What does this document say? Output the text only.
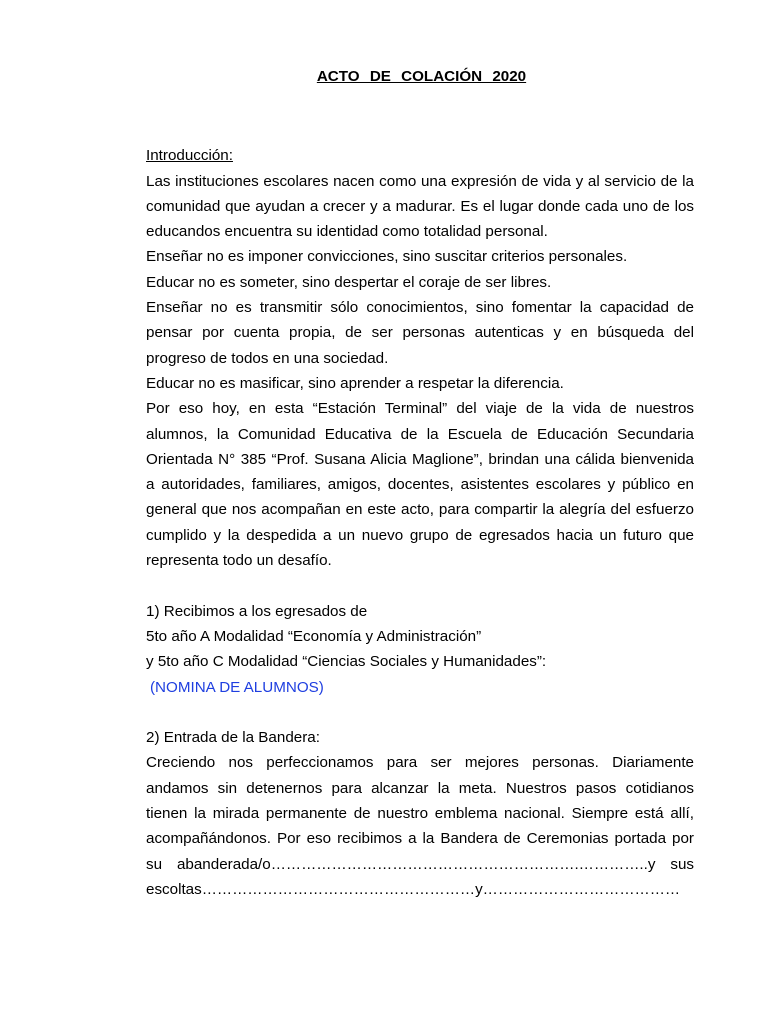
ACTO DE COLACIÓN 2020
Introducción:
Las instituciones escolares nacen como una expresión de vida y al servicio de la comunidad que ayudan a crecer y a madurar. Es el lugar donde cada uno de los educandos encuentra su identidad como totalidad personal.
Enseñar no es imponer convicciones, sino suscitar criterios personales.
Educar no es someter, sino despertar el coraje de ser libres.
Enseñar no es transmitir sólo conocimientos, sino fomentar la capacidad de pensar por cuenta propia, de ser personas autenticas y en búsqueda del progreso de todos en una sociedad.
Educar no es masificar, sino aprender a respetar la diferencia.
Por eso hoy, en esta “Estación Terminal” del viaje de la vida de nuestros alumnos, la Comunidad Educativa de la Escuela de Educación Secundaria Orientada N° 385 “Prof. Susana Alicia Maglione”, brindan una cálida bienvenida a autoridades, familiares, amigos, docentes, asistentes escolares y público en general que nos acompañan en este acto, para compartir la alegría del esfuerzo cumplido y la despedida a un nuevo grupo de egresados hacia un futuro que representa todo un desafío.
1) Recibimos a los egresados de
5to año A Modalidad “Economía y Administración”
y 5to año C Modalidad “Ciencias Sociales y Humanidades”:
(NOMINA DE ALUMNOS)
2) Entrada de la Bandera:
Creciendo nos perfeccionamos para ser mejores personas. Diariamente andamos sin detenernos para alcanzar la meta. Nuestros pasos cotidianos tienen la mirada permanente de nuestro emblema nacional. Siempre está allí, acompañándonos. Por eso recibimos a la Bandera de Ceremonias portada por su abanderada/o…………………………………………………….…………..y sus escoltas………………………………………………y…………………………………
